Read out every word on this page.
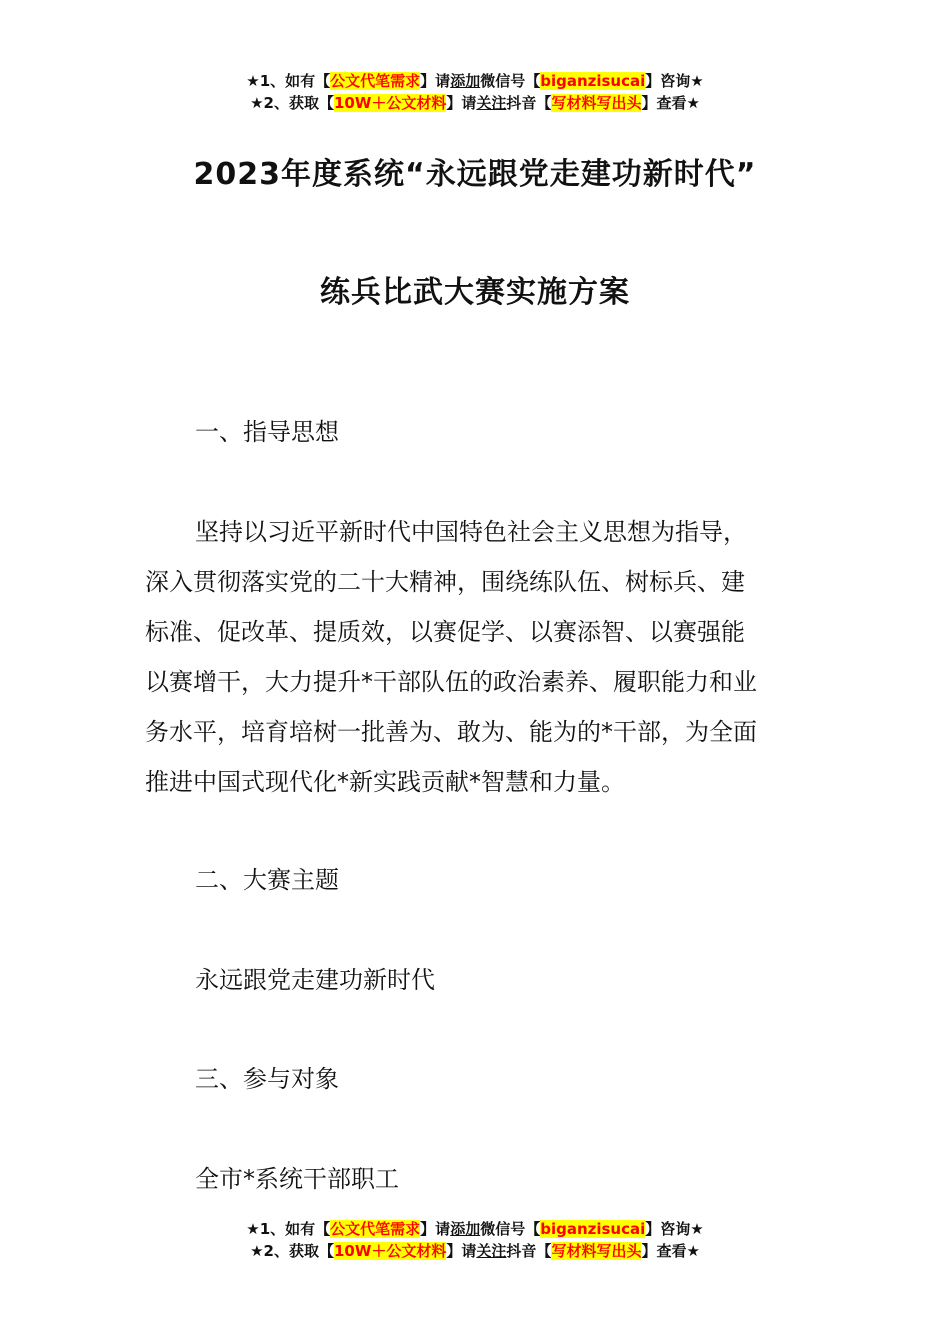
★1、如有【公文代笔需求】请添加微信号【biganzisucai】咨询★
★2、获取【10W＋公文材料】请关注抖音【写材料写出头】查看★
2023年度系统“永远跟党走建功新时代”
练兵比武大赛实施方案
一、指导思想
坚持以习近平新时代中国特色社会主义思想为指导，
深入贯彻落实党的二十大精神，围绕练队伍、树标兵、建
标准、促改革、提质效，以赛促学、以赛添智、以赛强能
以赛增干，大力提升*干部队伍的政治素养、履职能力和业
务水平，培育培树一批善为、敢为、能为的*干部，为全面
推进中国式现代化*新实践贡献*智慧和力量。
二、大赛主题
永远跟党走建功新时代
三、参与对象
全市*系统干部职工
★1、如有【公文代笔需求】请添加微信号【biganzisucai】咨询★
★2、获取【10W＋公文材料】请关注抖音【写材料写出头】查看★
